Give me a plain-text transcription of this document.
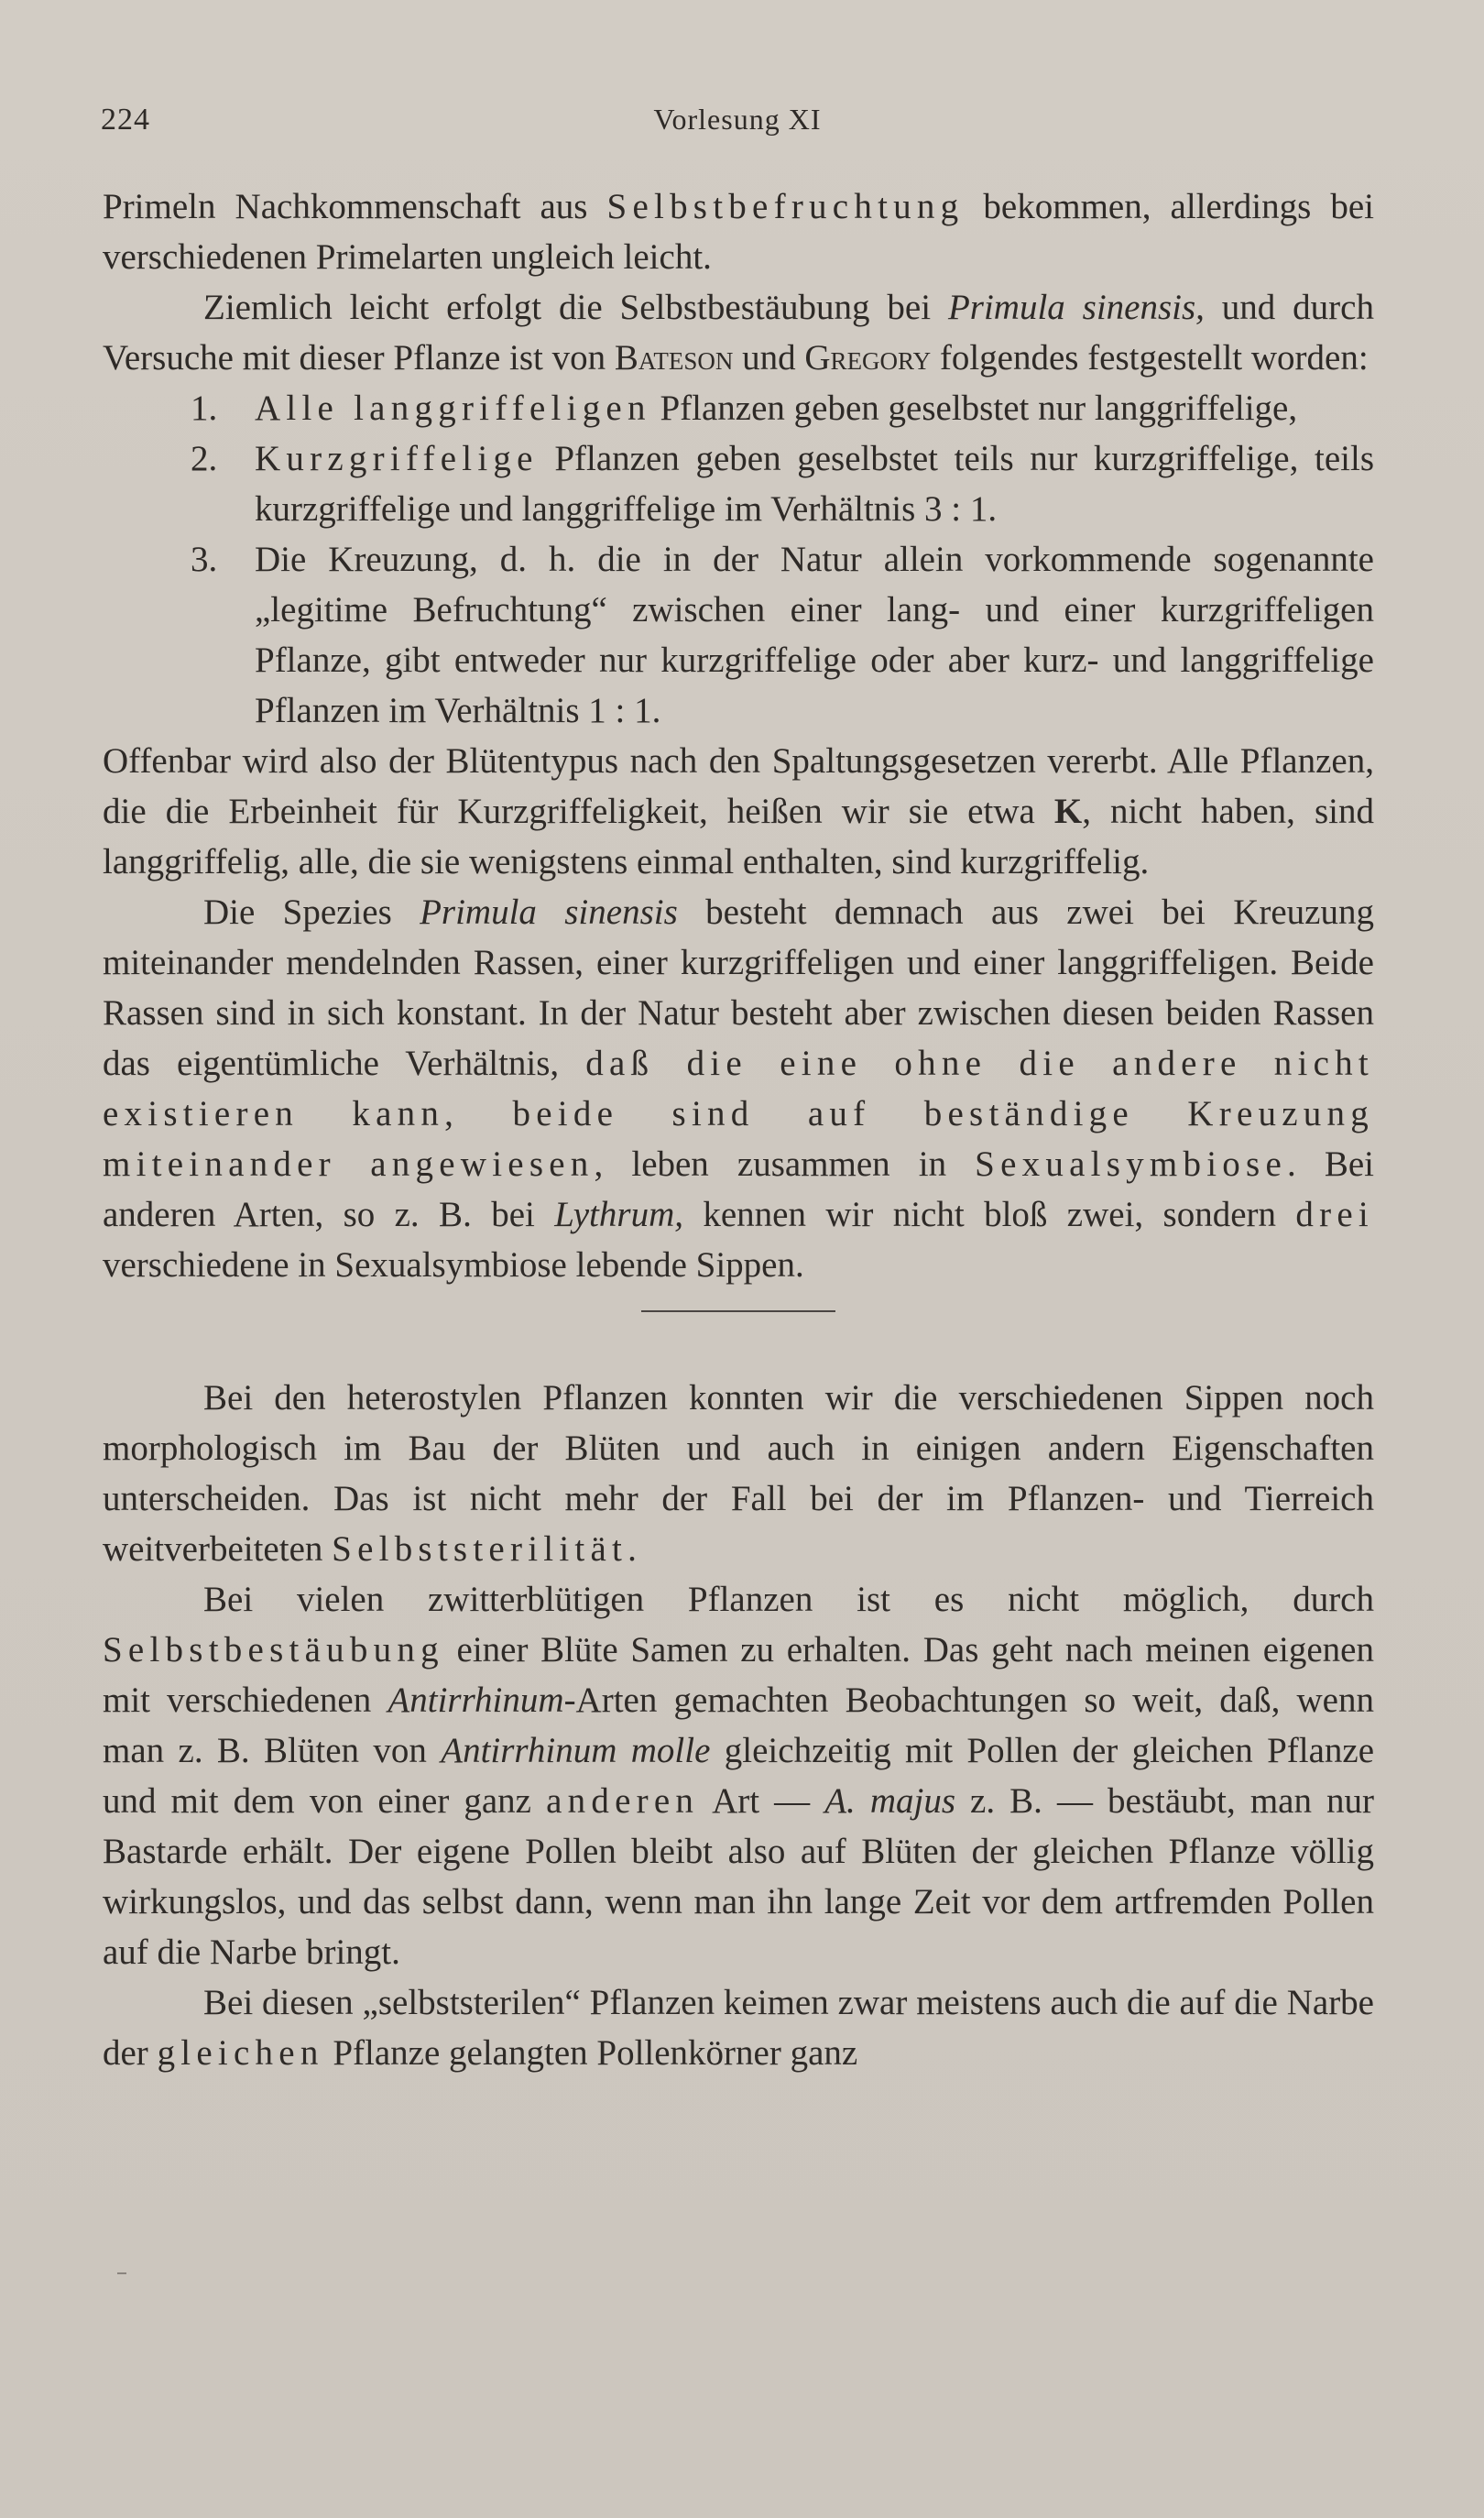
224	Vorlesung XI

Primeln Nachkommenschaft aus Selbstbefruchtung bekommen, allerdings bei verschiedenen Primelarten ungleich leicht.

Ziemlich leicht erfolgt die Selbstbestäubung bei Primula sinensis, und durch Versuche mit dieser Pflanze ist von Bateson und Gregory folgendes festgestellt worden:

1. Alle langgriffeligen Pflanzen geben geselbstet nur langgriffelige,
2. Kurzgriffelige Pflanzen geben geselbstet teils nur kurzgriffelige, teils kurzgriffelige und langgriffelige im Verhältnis 3 : 1.
3. Die Kreuzung, d. h. die in der Natur allein vorkommende sogenannte „legitime Befruchtung“ zwischen einer lang- und einer kurzgriffeligen Pflanze, gibt entweder nur kurzgriffelige oder aber kurz- und langgriffelige Pflanzen im Verhältnis 1 : 1.

Offenbar wird also der Blütentypus nach den Spaltungsgesetzen vererbt. Alle Pflanzen, die die Erbeinheit für Kurzgriffeligkeit, heißen wir sie etwa K, nicht haben, sind langgriffelig, alle, die sie wenigstens einmal enthalten, sind kurzgriffelig.

Die Spezies Primula sinensis besteht demnach aus zwei bei Kreuzung miteinander mendelnden Rassen, einer kurzgriffeligen und einer langgriffeligen. Beide Rassen sind in sich konstant. In der Natur besteht aber zwischen diesen beiden Rassen das eigentümliche Verhältnis, daß die eine ohne die andere nicht existieren kann, beide sind auf beständige Kreuzung miteinander angewiesen, leben zusammen in Sexualsymbiose. Bei anderen Arten, so z. B. bei Lythrum, kennen wir nicht bloß zwei, sondern drei verschiedene in Sexualsymbiose lebende Sippen.

Bei den heterostylen Pflanzen konnten wir die verschiedenen Sippen noch morphologisch im Bau der Blüten und auch in einigen andern Eigenschaften unterscheiden. Das ist nicht mehr der Fall bei der im Pflanzen- und Tierreich weitverbeiteten Selbststerilität.

Bei vielen zwitterblütigen Pflanzen ist es nicht möglich, durch Selbstbestäubung einer Blüte Samen zu erhalten. Das geht nach meinen eigenen mit verschiedenen Antirrhinum-Arten gemachten Beobachtungen so weit, daß, wenn man z. B. Blüten von Antirrhinum molle gleichzeitig mit Pollen der gleichen Pflanze und mit dem von einer ganz anderen Art — A. majus z. B. — bestäubt, man nur Bastarde erhält. Der eigene Pollen bleibt also auf Blüten der gleichen Pflanze völlig wirkungslos, und das selbst dann, wenn man ihn lange Zeit vor dem artfremden Pollen auf die Narbe bringt.

Bei diesen „selbststerilen“ Pflanzen keimen zwar meistens auch die auf die Narbe der gleichen Pflanze gelangten Pollenkörner ganz
